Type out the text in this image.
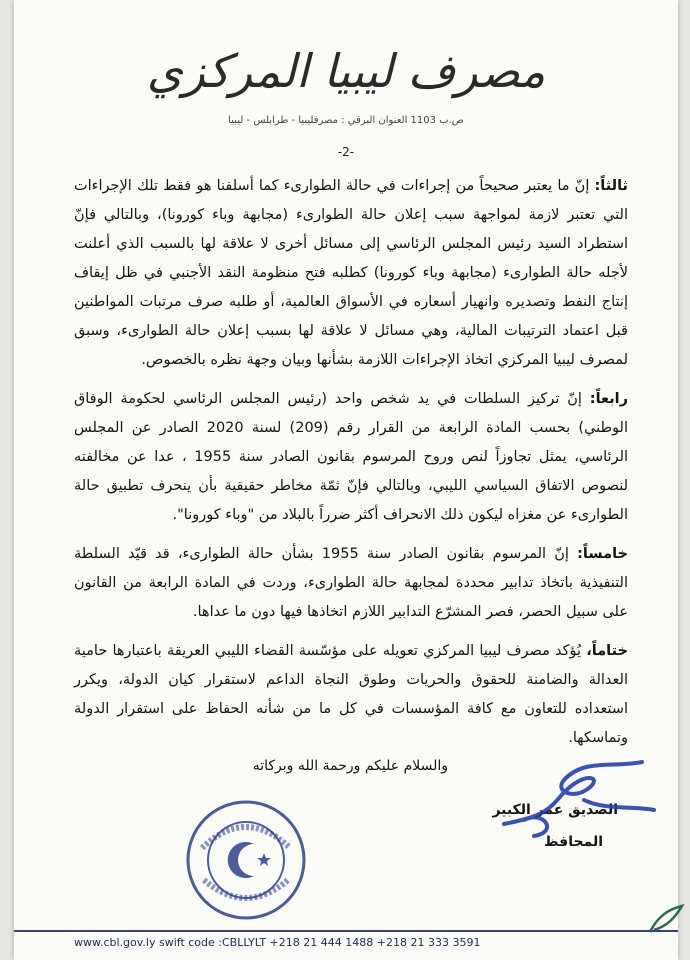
مصرف ليبيا المركزي
ص.ب 1103 العنوان البرقي : مصرفليبيا - طرابلس - ليبيا
-2-

ثالثاً: إنّ ما يعتبر صحيحاً من إجراءات في حالة الطوارىء كما أسلفنا هو فقط تلك الإجراءات التي تعتبر لازمة لمواجهة سبب إعلان حالة الطوارىء (مجابهة وباء كورونا)، وبالتالي فإنّ استطراد السيد رئيس المجلس الرئاسي إلى مسائل أخرى لا علاقة لها بالسبب الذي أعلنت لأجله حالة الطوارىء (مجابهة وباء كورونا) كطلبه فتح منظومة النقد الأجنبي في ظل إيقاف إنتاج النفط وتصديره وانهيار أسعاره في الأسواق العالمية، أو طلبه صرف مرتبات المواطنين قبل اعتماد الترتيبات المالية، وهي مسائل لا علاقة لها بسبب إعلان حالة الطوارىء، وسبق لمصرف ليبيا المركزي اتخاذ الإجراءات اللازمة بشأنها وبيان وجهة نظره بالخصوص.

رابعاً: إنّ تركيز السلطات في يد شخص واحد (رئيس المجلس الرئاسي لحكومة الوفاق الوطني) بحسب المادة الرابعة من القرار رقم (209) لسنة 2020 الصادر عن المجلس الرئاسي، يمثل تجاوزاً لنص وروح المرسوم بقانون الصادر سنة 1955 ، عدا عن مخالفته لنصوص الاتفاق السياسي الليبي، وبالتالي فإنّ ثمّة مخاطر حقيقية بأن ينحرف تطبيق حالة الطوارىء عن مغزاه ليكون ذلك الانحراف أكثر ضرراً بالبلاد من "وباء كورونا".

خامساً: إنّ المرسوم بقانون الصادر سنة 1955 بشأن حالة الطوارىء، قد قيّد السلطة التنفيذية باتخاذ تدابير محددة لمجابهة حالة الطوارىء، وردت في المادة الرابعة من القانون على سبيل الحصر، فصر المشرّع التدابير اللازم اتخاذها فيها دون ما عداها.

ختاماً، يُؤكد مصرف ليبيا المركزي تعويله على مؤسّسة القضاء الليبي العريقة باعتبارها حامية العدالة والضامنة للحقوق والحريات وطوق النجاة الداعم لاستقرار كيان الدولة، ويكرر استعداده للتعاون مع كافة المؤسسات في كل ما من شأنه الحفاظ على استقرار الدولة وتماسكها.

والسلام عليكم ورحمة الله وبركاته
الصديق عمر الكبير
المحافظ
www.cbl.gov.ly swift code :CBLLYLT +218 21 444 1488 +218 21 333 3591
